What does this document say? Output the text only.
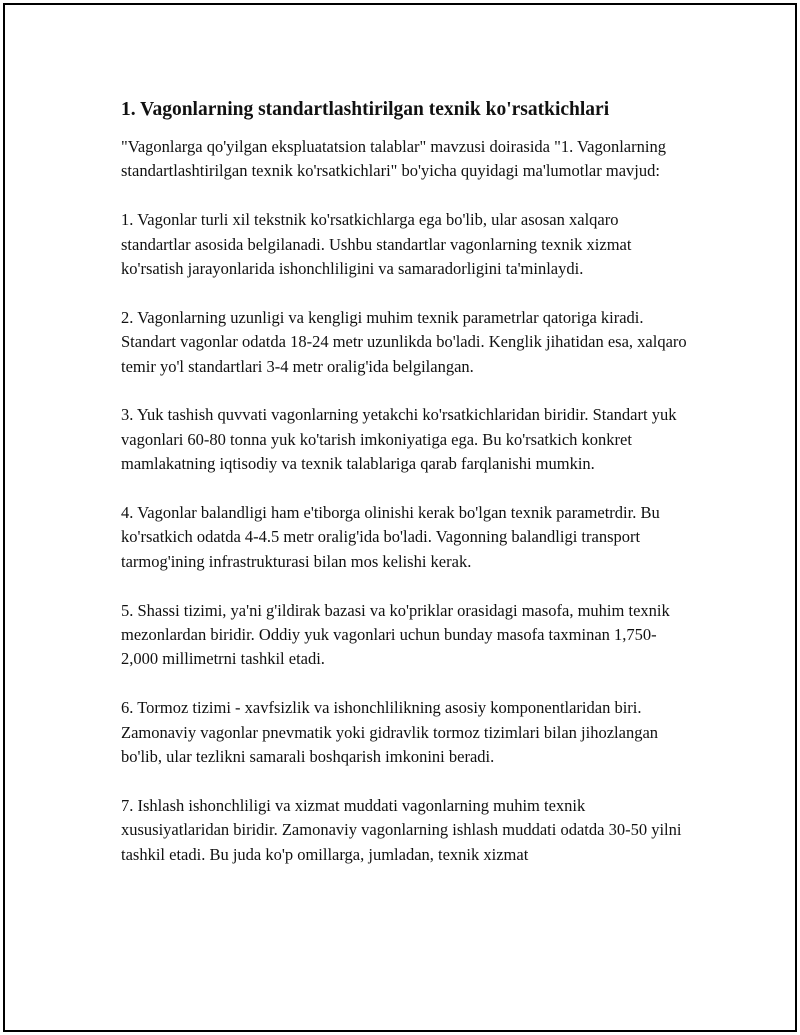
1. Vagonlarning standartlashtirilgan texnik ko'rsatkichlari

"Vagonlarga qo'yilgan ekspluatatsion talablar" mavzusi doirasida "1. Vagonlarning standartlashtirilgan texnik ko'rsatkichlari" bo'yicha quyidagi ma'lumotlar mavjud:

1. Vagonlar turli xil tekstnik ko'rsatkichlarga ega bo'lib, ular asosan xalqaro standartlar asosida belgilanadi. Ushbu standartlar vagonlarning texnik xizmat ko'rsatish jarayonlarida ishonchliligini va samaradorligini ta'minlaydi.

2. Vagonlarning uzunligi va kengligi muhim texnik parametrlar qatoriga kiradi. Standart vagonlar odatda 18-24 metr uzunlikda bo'ladi. Kenglik jihatidan esa, xalqaro temir yo'l standartlari 3-4 metr oralig'ida belgilangan.

3. Yuk tashish quvvati vagonlarning yetakchi ko'rsatkichlaridan biridir. Standart yuk vagonlari 60-80 tonna yuk ko'tarish imkoniyatiga ega. Bu ko'rsatkich konkret mamlakatning iqtisodiy va texnik talablariga qarab farqlanishi mumkin.

4. Vagonlar balandligi ham e'tiborga olinishi kerak bo'lgan texnik parametrdir. Bu ko'rsatkich odatda 4-4.5 metr oralig'ida bo'ladi. Vagonning balandligi transport tarmog'ining infrastrukturasi bilan mos kelishi kerak.

5. Shassi tizimi, ya'ni g'ildirak bazasi va ko'priklar orasidagi masofa, muhim texnik mezonlardan biridir. Oddiy yuk vagonlari uchun bunday masofa taxminan 1,750-2,000 millimetrni tashkil etadi.

6. Tormoz tizimi - xavfsizlik va ishonchlilikning asosiy komponentlaridan biri. Zamonaviy vagonlar pnevmatik yoki gidravlik tormoz tizimlari bilan jihozlangan bo'lib, ular tezlikni samarali boshqarish imkonini beradi.

7. Ishlash ishonchliligi va xizmat muddati vagonlarning muhim texnik xususiyatlaridan biridir. Zamonaviy vagonlarning ishlash muddati odatda 30-50 yilni tashkil etadi. Bu juda ko'p omillarga, jumladan, texnik xizmat
